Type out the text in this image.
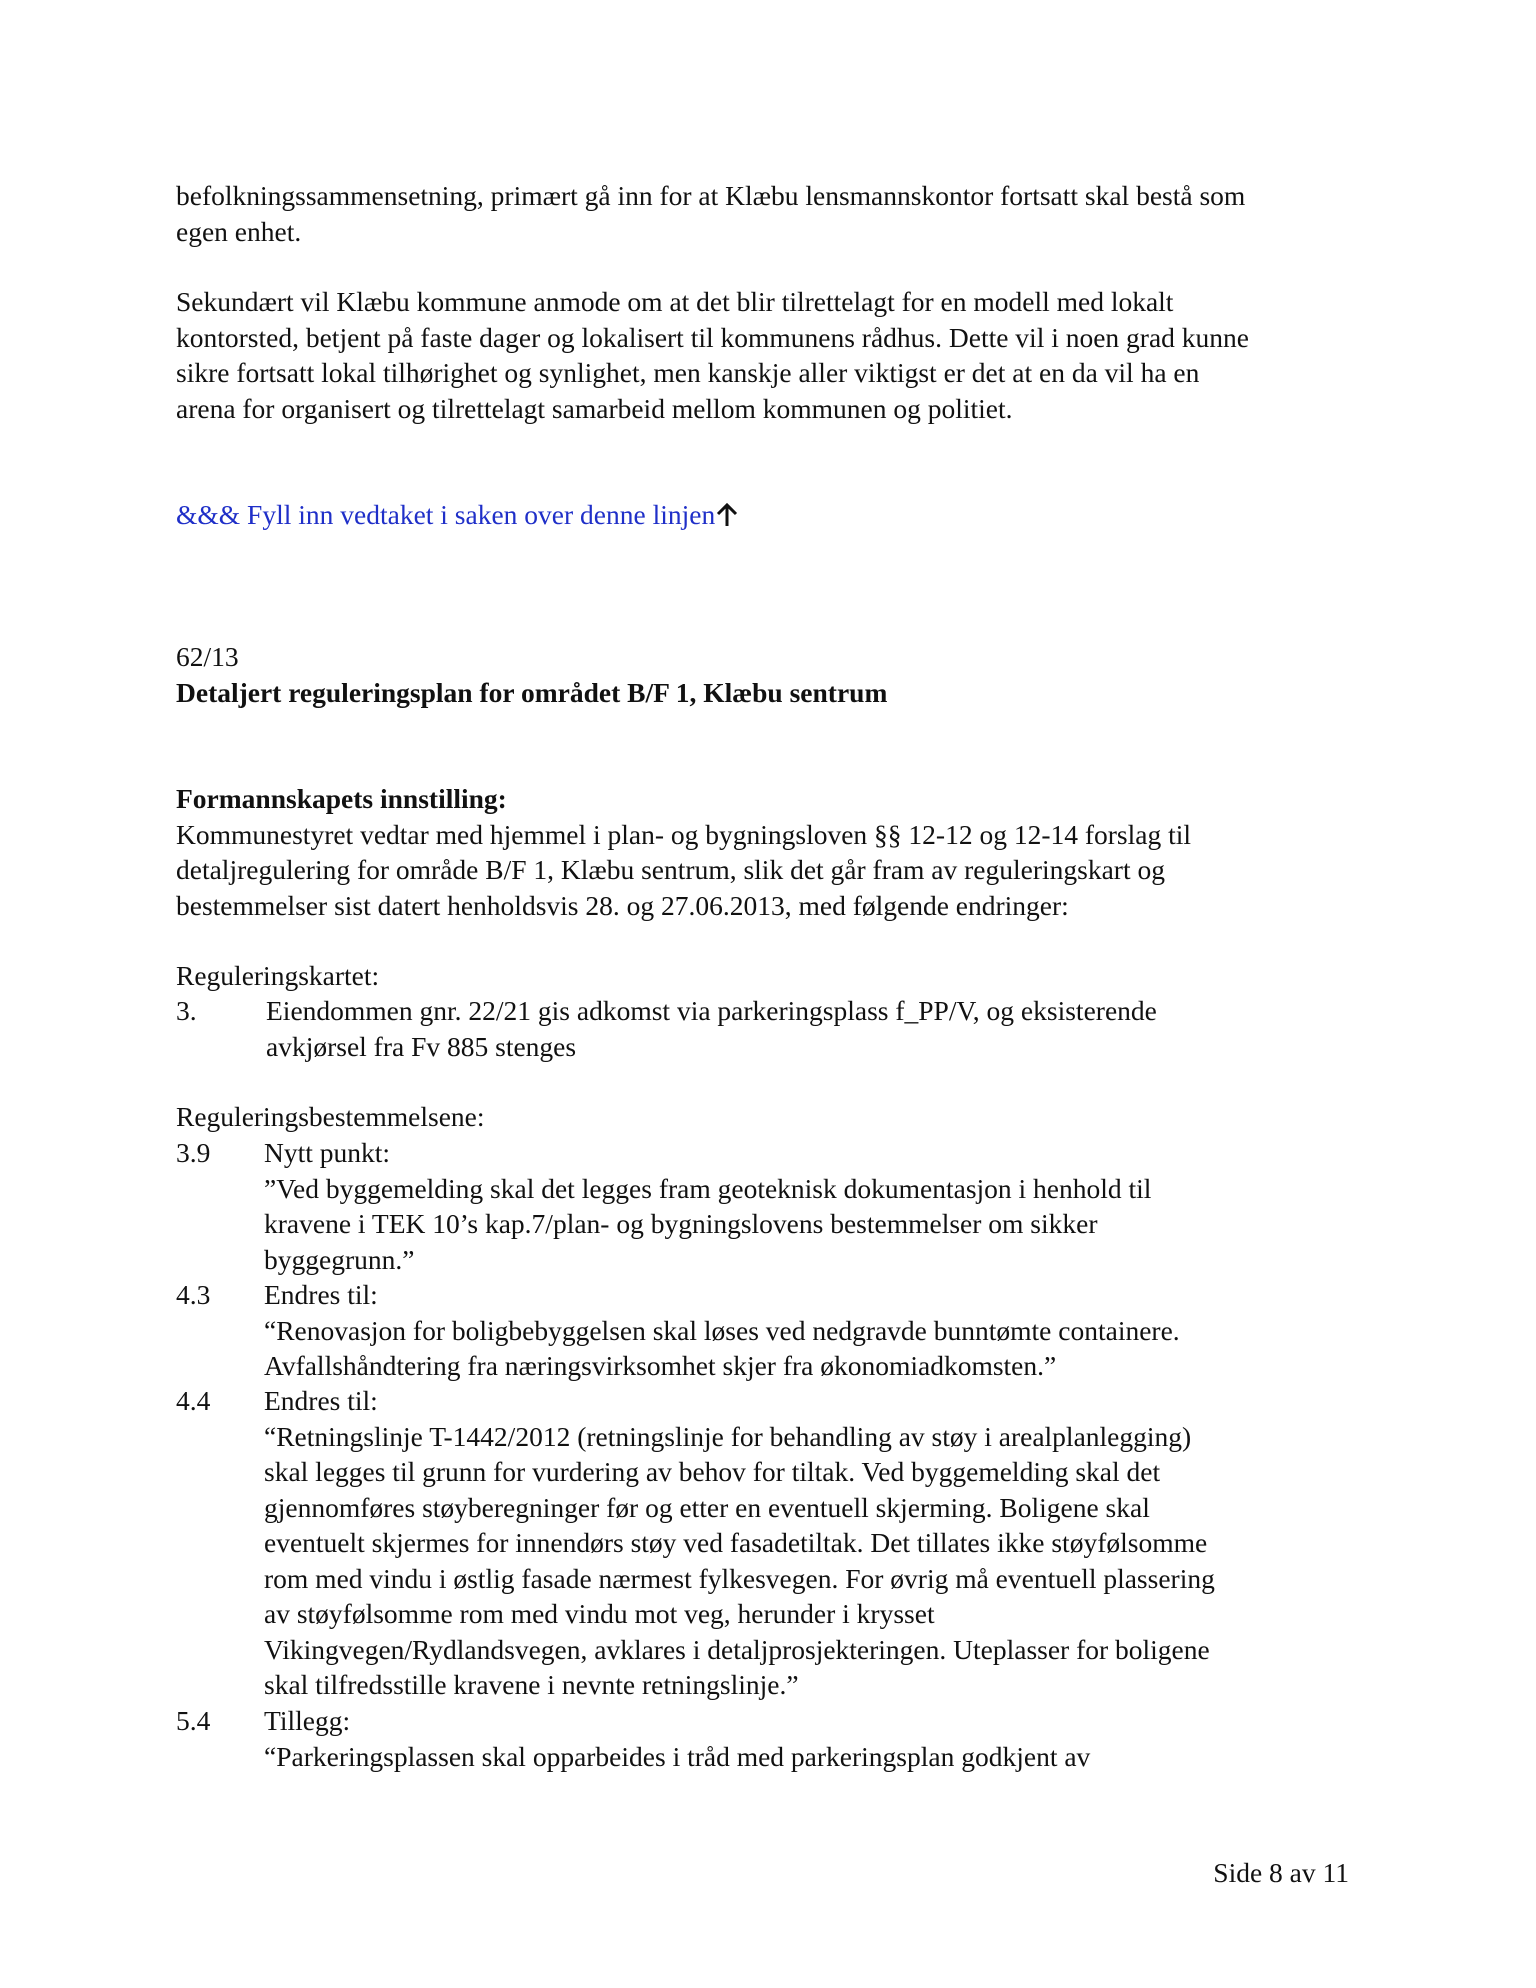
befolkningssammensetning, primært gå inn for at Klæbu lensmannskontor fortsatt skal bestå som
egen enhet.
Sekundært vil Klæbu kommune anmode om at det blir tilrettelagt for en modell med lokalt
kontorsted, betjent på faste dager og lokalisert til kommunens rådhus. Dette vil i noen grad kunne
sikre fortsatt lokal tilhørighet og synlighet, men kanskje aller viktigst er det at en da vil ha en
arena for organisert og tilrettelagt samarbeid mellom kommunen og politiet.
&&& Fyll inn vedtaket i saken over denne linjen
62/13
Detaljert reguleringsplan for området B/F 1, Klæbu sentrum
Formannskapets innstilling:
Kommunestyret vedtar med hjemmel i plan- og bygningsloven §§ 12-12 og 12-14 forslag til
detaljregulering for område B/F 1, Klæbu sentrum, slik det går fram av reguleringskart og
bestemmelser sist datert henholdsvis 28. og 27.06.2013, med følgende endringer:
Reguleringskartet:
3.	Eiendommen gnr. 22/21 gis adkomst via parkeringsplass f_PP/V, og eksisterende
avkjørsel fra Fv 885 stenges
Reguleringsbestemmelsene:
3.9 Nytt punkt:
”Ved byggemelding skal det legges fram geoteknisk dokumentasjon i henhold til
kravene i TEK 10’s kap.7/plan- og bygningslovens bestemmelser om sikker
byggegrunn.”
4.3 Endres til:
“Renovasjon for boligbebyggelsen skal løses ved nedgravde bunntømte containere.
Avfallshåndtering fra næringsvirksomhet skjer fra økonomiadkomsten.”
4.4 Endres til:
“Retningslinje T-1442/2012 (retningslinje for behandling av støy i arealplanlegging)
skal legges til grunn for vurdering av behov for tiltak. Ved byggemelding skal det
gjennomføres støyberegninger før og etter en eventuell skjerming. Boligene skal
eventuelt skjermes for innendørs støy ved fasadetiltak. Det tillates ikke støyfølsomme
rom med vindu i østlig fasade nærmest fylkesvegen. For øvrig må eventuell plassering
av støyfølsomme rom med vindu mot veg, herunder i krysset
Vikingvegen/Rydlandsvegen, avklares i detaljprosjekteringen. Uteplasser for boligene
skal tilfredsstille kravene i nevnte retningslinje.”
5.4 Tillegg:
“Parkeringsplassen skal opparbeides i tråd med parkeringsplan godkjent av
Side 8 av 11
